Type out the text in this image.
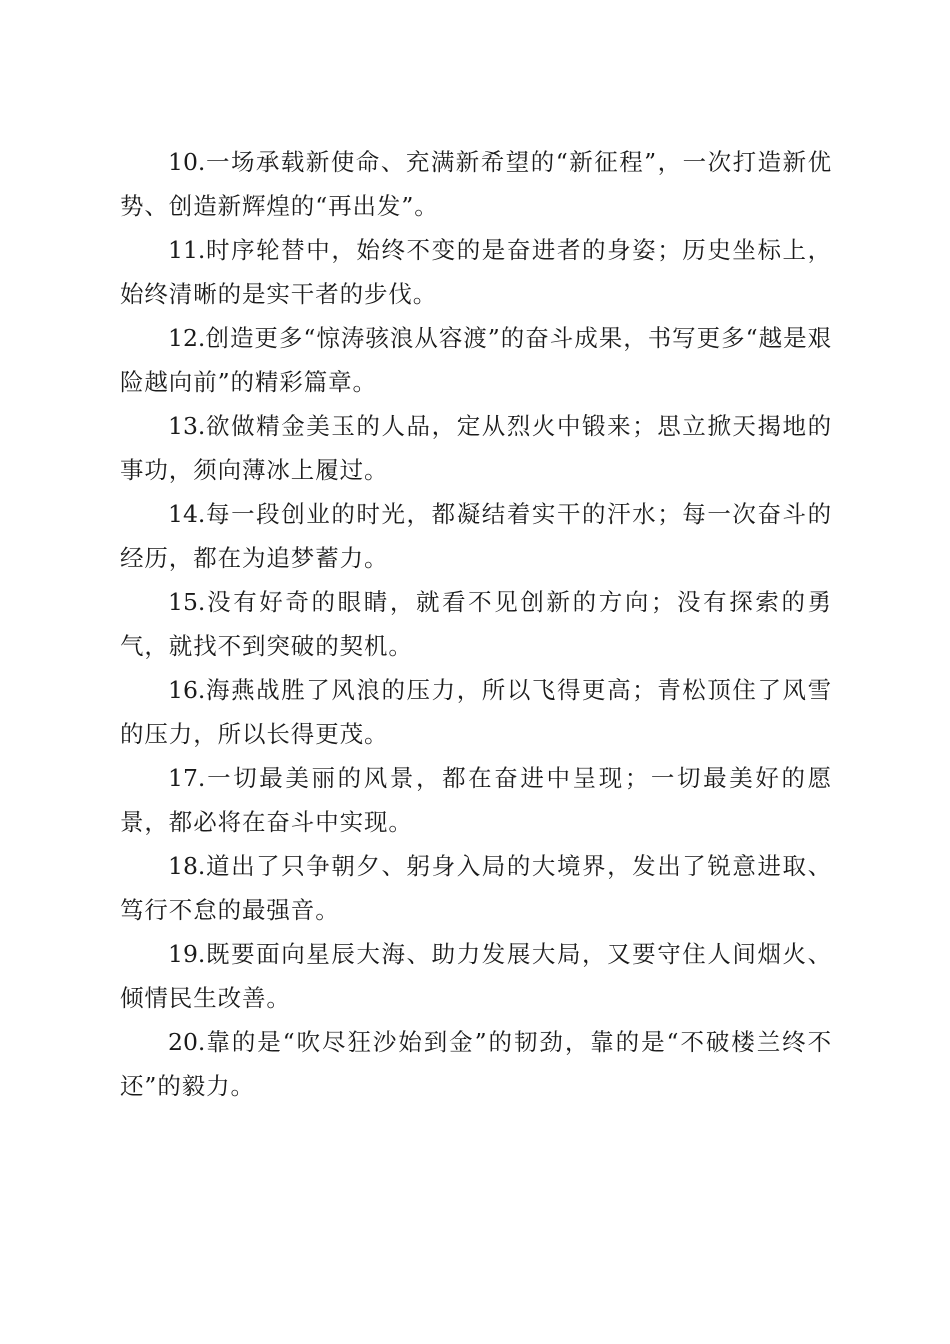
10.一场承载新使命、充满新希望的“新征程”，一次打造新优势、创造新辉煌的“再出发”。

11.时序轮替中，始终不变的是奋进者的身姿；历史坐标上，始终清晰的是实干者的步伐。

12.创造更多“惊涛骇浪从容渡”的奋斗成果，书写更多“越是艰险越向前”的精彩篇章。

13.欲做精金美玉的人品，定从烈火中锻来；思立掀天揭地的事功，须向薄冰上履过。

14.每一段创业的时光，都凝结着实干的汗水；每一次奋斗的经历，都在为追梦蓄力。

15.没有好奇的眼睛，就看不见创新的方向；没有探索的勇气，就找不到突破的契机。

16.海燕战胜了风浪的压力，所以飞得更高；青松顶住了风雪的压力，所以长得更茂。

17.一切最美丽的风景，都在奋进中呈现；一切最美好的愿景，都必将在奋斗中实现。

18.道出了只争朝夕、躬身入局的大境界，发出了锐意进取、笃行不怠的最强音。

19.既要面向星辰大海、助力发展大局，又要守住人间烟火、倾情民生改善。

20.靠的是“吹尽狂沙始到金”的韧劲，靠的是“不破楼兰终不还”的毅力。
